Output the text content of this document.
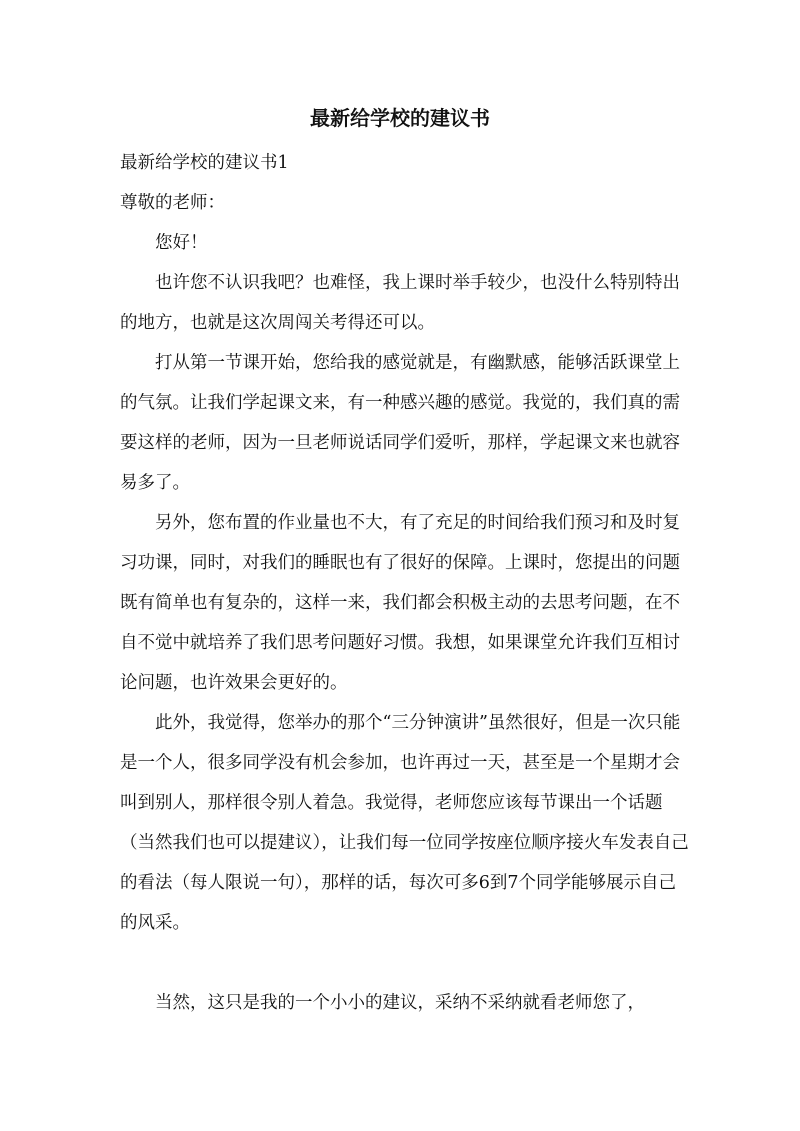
最新给学校的建议书

最新给学校的建议书1

尊敬的老师：

您好！

也许您不认识我吧？也难怪，我上课时举手较少，也没什么特别特出的地方，也就是这次周闯关考得还可以。

打从第一节课开始，您给我的感觉就是，有幽默感，能够活跃课堂上的气氛。让我们学起课文来，有一种感兴趣的感觉。我觉的，我们真的需要这样的老师，因为一旦老师说话同学们爱听，那样，学起课文来也就容易多了。

另外，您布置的作业量也不大，有了充足的时间给我们预习和及时复习功课，同时，对我们的睡眠也有了很好的保障。上课时，您提出的问题既有简单也有复杂的，这样一来，我们都会积极主动的去思考问题，在不自不觉中就培养了我们思考问题好习惯。我想，如果课堂允许我们互相讨论问题，也许效果会更好的。

此外，我觉得，您举办的那个“三分钟演讲”虽然很好，但是一次只能是一个人，很多同学没有机会参加，也许再过一天，甚至是一个星期才会叫到别人，那样很令别人着急。我觉得，老师您应该每节课出一个话题（当然我们也可以提建议），让我们每一位同学按座位顺序接火车发表自己的看法（每人限说一句），那样的话，每次可多6到7个同学能够展示自己的风采。

当然，这只是我的一个小小的建议，采纳不采纳就看老师您了，
